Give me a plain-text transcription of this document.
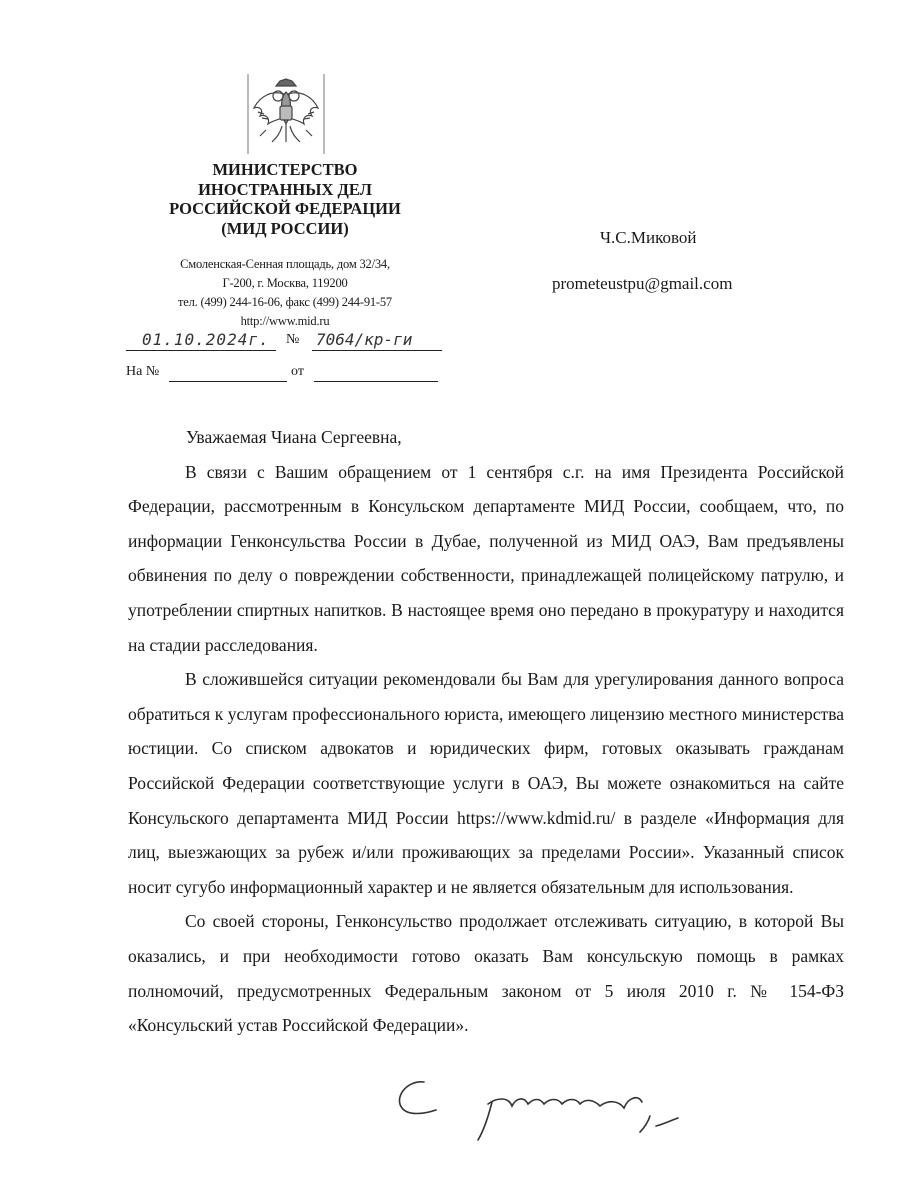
МИНИСТЕРСТВО
ИНОСТРАННЫХ ДЕЛ
РОССИЙСКОЙ ФЕДЕРАЦИИ
(МИД РОССИИ)
Смоленская-Сенная площадь, дом 32/34,
Г-200, г. Москва, 119200
тел. (499) 244-16-06, факс (499) 244-91-57
http://www.mid.ru
01.10.2024г. № 7064/кр-ги
На №	от
Ч.С.Миковой
prometeustpu@gmail.com

Уважаемая Чиана Сергеевна,

В связи с Вашим обращением от 1 сентября с.г. на имя Президента Российской Федерации, рассмотренным в Консульском департаменте МИД России, сообщаем, что, по информации Генконсульства России в Дубае, полученной из МИД ОАЭ, Вам предъявлены обвинения по делу о повреждении собственности, принадлежащей полицейскому патрулю, и употреблении спиртных напитков. В настоящее время оно передано в прокуратуру и находится на стадии расследования.

В сложившейся ситуации рекомендовали бы Вам для урегулирования данного вопроса обратиться к услугам профессионального юриста, имеющего лицензию местного министерства юстиции. Со списком адвокатов и юридических фирм, готовых оказывать гражданам Российской Федерации соответствующие услуги в ОАЭ, Вы можете ознакомиться на сайте Консульского департамента МИД России https://www.kdmid.ru/ в разделе «Информация для лиц, выезжающих за рубеж и/или проживающих за пределами России». Указанный список носит сугубо информационный характер и не является обязательным для использования.

Со своей стороны, Генконсульство продолжает отслеживать ситуацию, в которой Вы оказались, и при необходимости готово оказать Вам консульскую помощь в рамках полномочий, предусмотренных Федеральным законом от 5 июля 2010 г. № 154-ФЗ «Консульский устав Российской Федерации».
